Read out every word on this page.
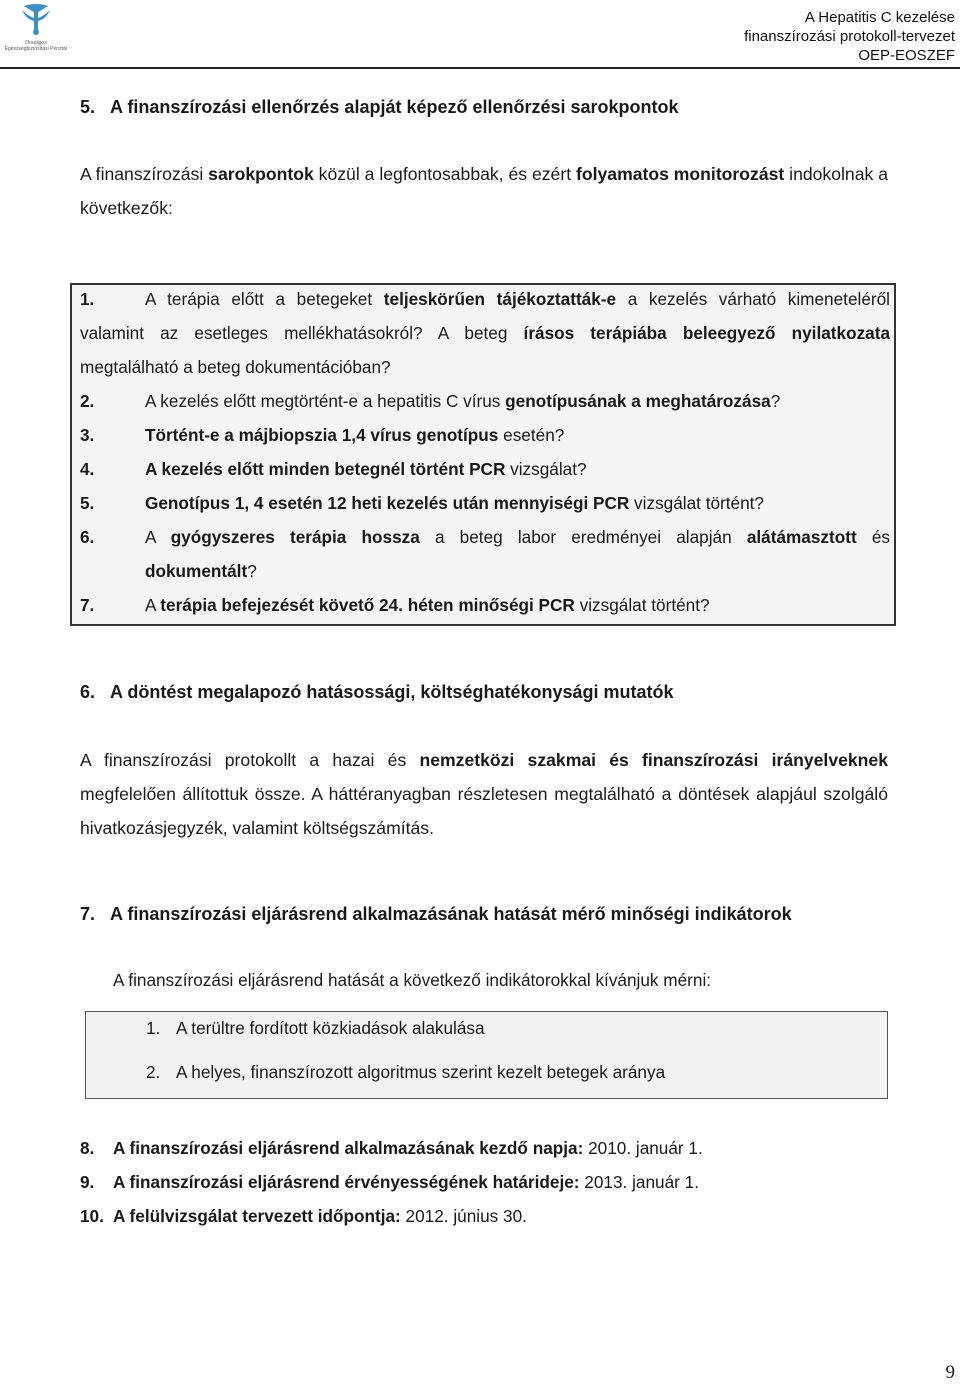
Országos Egészségbiztosítási Pénztár
A Hepatitis C kezelése
finanszírozási protokoll-tervezet
OEP-EOSZEF
5. A finanszírozási ellenőrzés alapját képező ellenőrzési sarokpontok
A finanszírozási sarokpontok közül a legfontosabbak, és ezért folyamatos monitorozást indokolnak a következők:
1.	A terápia előtt a betegeket teljeskörűen tájékoztatták-e a kezelés várható kimeneteléről valamint az esetleges mellékhatásokról? A beteg írásos terápiába beleegyező nyilatkozata megtalálható a beteg dokumentációban?
2.	A kezelés előtt megtörtént-e a hepatitis C vírus genotípusának a meghatározása?
3.	Történt-e a májbiopszia 1,4 vírus genotípus esetén?
4.	A kezelés előtt minden betegnél történt PCR vizsgálat?
5.	Genotípus 1, 4 esetén 12 heti kezelés után mennyiségi PCR vizsgálat történt?
6.	A gyógyszeres terápia hossza a beteg labor eredményei alapján alátámasztott és dokumentált?
7.	A terápia befejezését követő 24. héten minőségi PCR vizsgálat történt?
6. A döntést megalapozó hatásossági, költséghatékonysági mutatók
A finanszírozási protokollt a hazai és nemzetközi szakmai és finanszírozási irányelveknek megfelelően állítottuk össze. A háttéranyagban részletesen megtalálható a döntések alapjául szolgáló hivatkozásjegyzék, valamint költségszámítás.
7. A finanszírozási eljárásrend alkalmazásának hatását mérő minőségi indikátorok
A finanszírozási eljárásrend hatását a következő indikátorokkal kívánjuk mérni:
1. A terültre fordított közkiadások alakulása
2. A helyes, finanszírozott algoritmus szerint kezelt betegek aránya
8. A finanszírozási eljárásrend alkalmazásának kezdő napja: 2010. január 1.
9. A finanszírozási eljárásrend érvényességének határideje: 2013. január 1.
10. A felülvizsgálat tervezett időpontja: 2012. június 30.
9
